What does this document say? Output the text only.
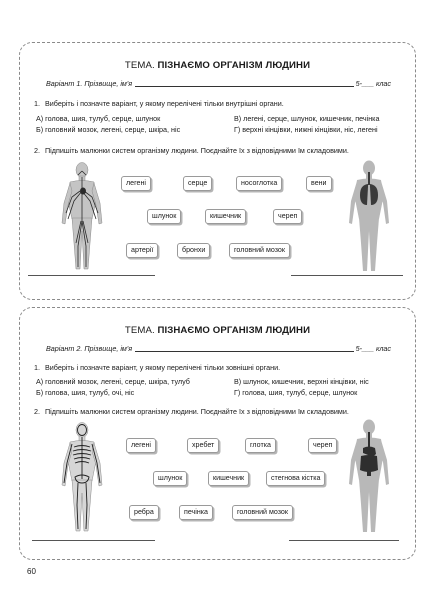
ТЕМА. ПІЗНАЄМО ОРГАНІЗМ ЛЮДИНИ
Варіант 1. Прізвище, ім'я	5-___ клас
1. Виберіть і позначте варіант, у якому перелічені тільки внутрішні органи.
А) голова, шия, тулуб, серце, шлунок
Б) головний мозок, легені, серце, шкіра, ніс
В) легені, серце, шлунок, кишечник, печінка
Г) верхні кінцівки, нижні кінцівки, ніс, легені
2. Підпишіть малюнки систем організму людини. Поєднайте їх з відповідними їм складовими.
легені	серце	носоглотка	вени
шлунок	кишечник	череп
артерії	бронхи	головний мозок
ТЕМА. ПІЗНАЄМО ОРГАНІЗМ ЛЮДИНИ
Варіант 2. Прізвище, ім'я	5-___ клас
1. Виберіть і позначте варіант, у якому перелічені тільки зовнішні органи.
А) головний мозок, легені, серце, шкіра, тулуб
Б) голова, шия, тулуб, очі, ніс
В) шлунок, кишечник, верхні кінцівки, ніс
Г) голова, шия, тулуб, серце, шлунок
2. Підпишіть малюнки систем організму людини. Поєднайте їх з відповідними їм складовими.
легені	хребет	глотка	череп
шлунок	кишечник	стегнова кістка
ребра	печінка	головний мозок
60
